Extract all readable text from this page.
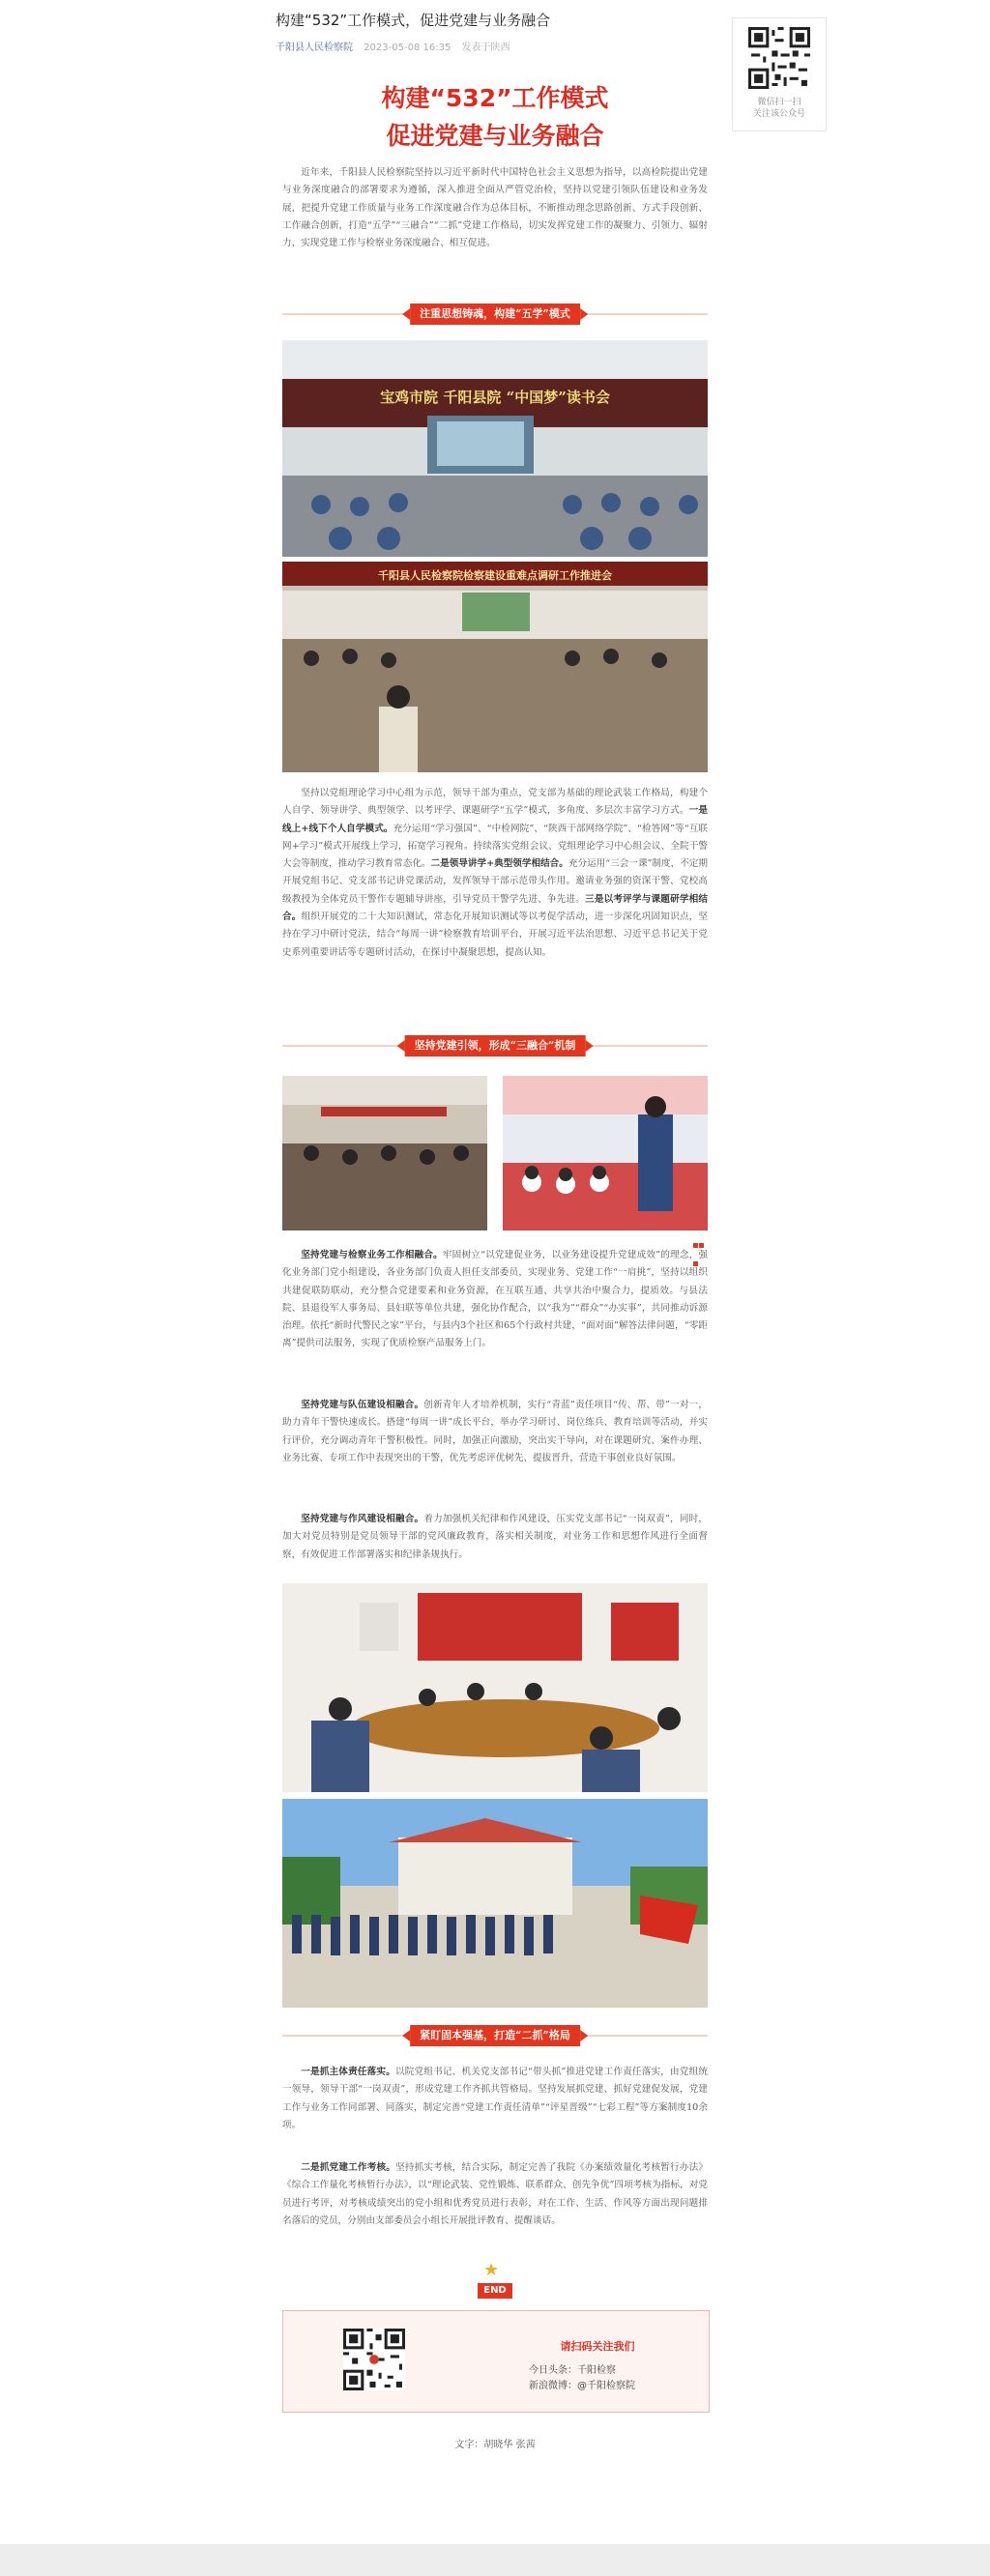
构建“532”工作模式，促进党建与业务融合
千阳县人民检察院 2023-05-08 16:35 发表于陕西
微信扫一扫
关注该公众号
构建“532”工作模式
促进党建与业务融合

近年来，千阳县人民检察院坚持以习近平新时代中国特色社会主义思想为指导，以高检院提出党建与业务深度融合的部署要求为遵循，深入推进全面从严管党治检，坚持以党建引领队伍建设和业务发展，把提升党建工作质量与业务工作深度融合作为总体目标，不断推动理念思路创新、方式手段创新、工作融合创新，打造“五学”“三融合”“二抓”党建工作格局，切实发挥党建工作的凝聚力、引领力、辐射力，实现党建工作与检察业务深度融合、相互促进。

注重思想铸魂，构建“五学”模式
宝鸡市院 千阳县院 “中国梦”读书会
千阳县人民检察院检察建设重难点调研工作推进会

坚持以党组理论学习中心组为示范，领导干部为重点，党支部为基础的理论武装工作格局，构建个人自学、领导讲学、典型领学、以考评学、课题研学“五学”模式，多角度、多层次丰富学习方式。一是线上+线下个人自学模式。充分运用“学习强国”、“中检网院”、“陕西干部网络学院”、“检答网”等“互联网+学习”模式开展线上学习，拓宽学习视角。持续落实党组会议、党组理论学习中心组会议、全院干警大会等制度，推动学习教育常态化。二是领导讲学+典型领学相结合。充分运用“三会一课”制度，不定期开展党组书记、党支部书记讲党课活动，发挥领导干部示范带头作用。邀请业务强的资深干警、党校高级教授为全体党员干警作专题辅导讲座，引导党员干警学先进、争先进。三是以考评学与课题研学相结合。组织开展党的二十大知识测试，常态化开展知识测试等以考促学活动，进一步深化巩固知识点，坚持在学习中研讨党法，结合“每周一讲”检察教育培训平台，开展习近平法治思想、习近平总书记关于党史系列重要讲话等专题研讨活动，在探讨中凝聚思想，提高认知。

坚持党建引领，形成“三融合”机制

坚持党建与检察业务工作相融合。牢固树立“以党建促业务，以业务建设提升党建成效”的理念，强化业务部门党小组建设，各业务部门负责人担任支部委员，实现业务、党建工作“一肩挑”，坚持以组织共建促联防联动，充分整合党建要素和业务资源，在互联互通、共享共治中聚合力，提质效。与县法院、县退役军人事务局、县妇联等单位共建，强化协作配合，以“我为”“群众”“办实事”，共同推动诉源治理。依托“新时代警民之家”平台，与县内3个社区和65个行政村共建，“面对面”解答法律问题，“零距离”提供司法服务，实现了优质检察产品服务上门。

坚持党建与队伍建设相融合。创新青年人才培养机制，实行“青蓝”责任项目“传、帮、带”一对一，助力青年干警快速成长。搭建“每周一讲”成长平台，举办学习研讨、岗位练兵、教育培训等活动，并实行评价，充分调动青年干警积极性。同时，加强正向激励，突出实干导向，对在课题研究、案件办理、业务比赛、专项工作中表现突出的干警，优先考虑评优树先、提拔晋升，营造干事创业良好氛围。

坚持党建与作风建设相融合。着力加强机关纪律和作风建设，压实党支部书记“一岗双责”，同时，加大对党员特别是党员领导干部的党风廉政教育，落实相关制度，对业务工作和思想作风进行全面督察，有效促进工作部署落实和纪律条规执行。

紧盯固本强基，打造“二抓”格局

一是抓主体责任落实。以院党组书记、机关党支部书记“带头抓”推进党建工作责任落实，由党组统一领导，领导干部“一岗双责”，形成党建工作齐抓共管格局。坚持发展抓党建、抓好党建促发展，党建工作与业务工作同部署、同落实，制定完善“党建工作责任清单”“评星晋级”“七彩工程”等方案制度10余项。

二是抓党建工作考核。坚持抓实考核，结合实际，制定完善了我院《办案绩效量化考核暂行办法》《综合工作量化考核暂行办法》，以“理论武装、党性锻炼、联系群众、创先争优”四项考核为指标，对党员进行考评，对考核成绩突出的党小组和优秀党员进行表彰，对在工作、生活、作风等方面出现问题排名落后的党员，分别由支部委员会小组长开展批评教育、提醒谈话。

★
END
请扫码关注我们
今日头条：千阳检察
新浪微博：@千阳检察院
文字：胡晓华 张茜
